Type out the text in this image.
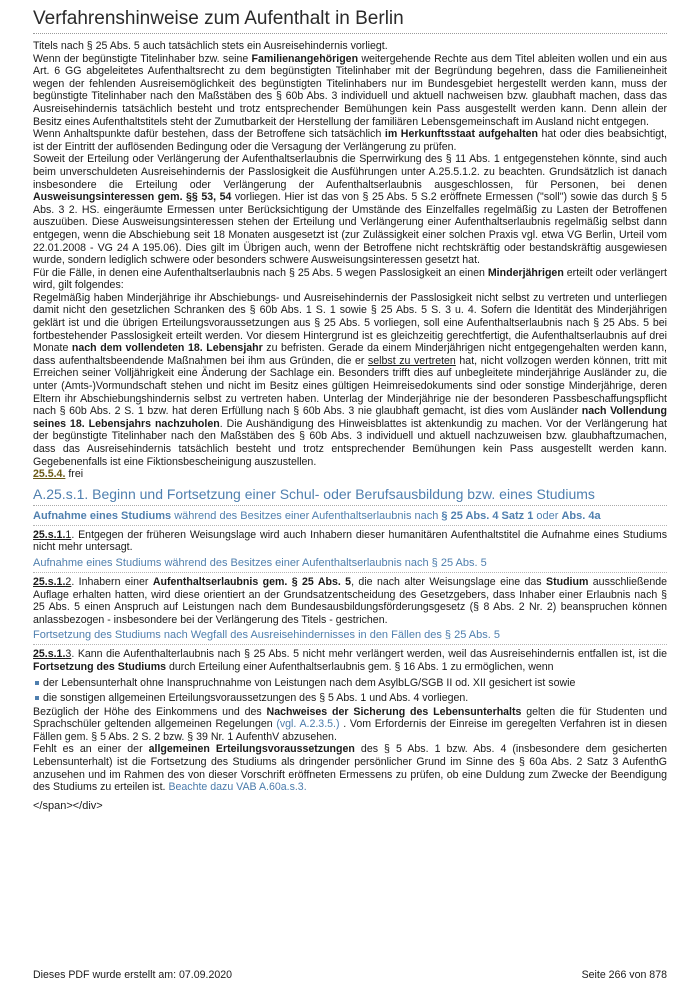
Verfahrenshinweise zum Aufenthalt in Berlin

Titels nach § 25 Abs. 5 auch tatsächlich stets ein Ausreisehindernis vorliegt.

Wenn der begünstigte Titelinhaber bzw. seine Familienangehörigen weitergehende Rechte aus dem Titel ableiten wollen und ein aus Art. 6 GG abgeleitetes Aufenthaltsrecht zu dem begünstigten Titelinhaber mit der Begründung begehren, dass die Familieneinheit wegen der fehlenden Ausreisemöglichkeit des begünstigten Titelinhabers nur im Bundesgebiet hergestellt werden kann, muss der begünstigte Titelinhaber nach den Maßstäben des § 60b Abs. 3 individuell und aktuell nachweisen bzw. glaubhaft machen, dass das Ausreisehindernis tatsächlich besteht und trotz entsprechender Bemühungen kein Pass ausgestellt werden kann. Denn allein der Besitz eines Aufenthaltstitels steht der Zumutbarkeit der Herstellung der familiären Lebensgemeinschaft im Ausland nicht entgegen.

Wenn Anhaltspunkte dafür bestehen, dass der Betroffene sich tatsächlich im Herkunftsstaat aufgehalten hat oder dies beabsichtigt, ist der Eintritt der auflösenden Bedingung oder die Versagung der Verlängerung zu prüfen.

Soweit der Erteilung oder Verlängerung der Aufenthaltserlaubnis die Sperrwirkung des § 11 Abs. 1 entgegenstehen könnte, sind auch beim unverschuldeten Ausreisehindernis der Passlosigkeit die Ausführungen unter A.25.5.1.2. zu beachten. Grundsätzlich ist danach insbesondere die Erteilung oder Verlängerung der Aufenthaltserlaubnis ausgeschlossen, für Personen, bei denen Ausweisungsinteressen gem. §§ 53, 54 vorliegen. Hier ist das von § 25 Abs. 5 S.2 eröffnete Ermessen ("soll") sowie das durch § 5 Abs. 3 2. HS. eingeräumte Ermessen unter Berücksichtigung der Umstände des Einzelfalles regelmäßig zu Lasten der Betroffenen auszuüben. Diese Ausweisungsinteressen stehen der Erteilung und Verlängerung einer Aufenthaltserlaubnis regelmäßig selbst dann entgegen, wenn die Abschiebung seit 18 Monaten ausgesetzt ist (zur Zulässigkeit einer solchen Praxis vgl. etwa VG Berlin, Urteil vom 22.01.2008 - VG 24 A 195.06). Dies gilt im Übrigen auch, wenn der Betroffene nicht rechtskräftig oder bestandskräftig ausgewiesen wurde, sondern lediglich schwere oder besonders schwere Ausweisungsinteressen gesetzt hat.

Für die Fälle, in denen eine Aufenthaltserlaubnis nach § 25 Abs. 5 wegen Passlosigkeit an einen Minderjährigen erteilt oder verlängert wird, gilt folgendes:

Regelmäßig haben Minderjährige ihr Abschiebungs- und Ausreisehindernis der Passlosigkeit nicht selbst zu vertreten und unterliegen damit nicht den gesetzlichen Schranken des § 60b Abs. 1 S. 1 sowie § 25 Abs. 5 S. 3 u. 4. Sofern die Identität des Minderjährigen geklärt ist und die übrigen Erteilungsvoraussetzungen aus § 25 Abs. 5 vorliegen, soll eine Aufenthaltserlaubnis nach § 25 Abs. 5 bei fortbestehender Passlosigkeit erteilt werden. Vor diesem Hintergrund ist es gleichzeitig gerechtfertigt, die Aufenthaltserlaubnis auf drei Monate nach dem vollendeten 18. Lebensjahr zu befristen. Gerade da einem Minderjährigen nicht entgegengehalten werden kann, dass aufenthaltsbeendende Maßnahmen bei ihm aus Gründen, die er selbst zu vertreten hat, nicht vollzogen werden können, tritt mit Erreichen seiner Volljährigkeit eine Änderung der Sachlage ein. Besonders trifft dies auf unbegleitete minderjährige Ausländer zu, die unter (Amts-)Vormundschaft stehen und nicht im Besitz eines gültigen Heimreisedokuments sind oder sonstige Minderjährige, deren Eltern ihr Abschiebungshindernis selbst zu vertreten haben. Unterlag der Minderjährige nie der besonderen Passbeschaffungspflicht nach § 60b Abs. 2 S. 1 bzw. hat deren Erfüllung nach § 60b Abs. 3 nie glaubhaft gemacht, ist dies vom Ausländer nach Vollendung seines 18. Lebensjahrs nachzuholen. Die Aushändigung des Hinweisblattes ist aktenkundig zu machen. Vor der Verlängerung hat der begünstigte Titelinhaber nach den Maßstäben des § 60b Abs. 3 individuell und aktuell nachzuweisen bzw. glaubhaftzumachen, dass das Ausreisehindernis tatsächlich besteht und trotz entsprechender Bemühungen kein Pass ausgestellt werden kann. Gegebenenfalls ist eine Fiktionsbescheinigung auszustellen.

25.5.4. frei

A.25.s.1. Beginn und Fortsetzung einer Schul- oder Berufsausbildung bzw. eines Studiums
Aufnahme eines Studiums während des Besitzes einer Aufenthaltserlaubnis nach § 25 Abs. 4 Satz 1 oder Abs. 4a

25.s.1.1. Entgegen der früheren Weisungslage wird auch Inhabern dieser humanitären Aufenthaltstitel die Aufnahme eines Studiums nicht mehr untersagt.

Aufnahme eines Studiums während des Besitzes einer Aufenthaltserlaubnis nach § 25 Abs. 5

25.s.1.2. Inhabern einer Aufenthaltserlaubnis gem. § 25 Abs. 5, die nach alter Weisungslage eine das Studium ausschließende Auflage erhalten hatten, wird diese orientiert an der Grundsatzentscheidung des Gesetzgebers, dass Inhaber einer Erlaubnis nach § 25 Abs. 5 einen Anspruch auf Leistungen nach dem Bundesausbildungsförderungsgesetz (§ 8 Abs. 2 Nr. 2) beanspruchen können anlassbezogen - insbesondere bei der Verlängerung des Titels - gestrichen.

Fortsetzung des Studiums nach Wegfall des Ausreisehindernisses in den Fällen des § 25 Abs. 5

25.s.1.3. Kann die Aufenthalterlaubnis nach § 25 Abs. 5 nicht mehr verlängert werden, weil das Ausreisehindernis entfallen ist, ist die Fortsetzung des Studiums durch Erteilung einer Aufenthaltserlaubnis gem. § 16 Abs. 1 zu ermöglichen, wenn

der Lebensunterhalt ohne Inanspruchnahme von Leistungen nach dem AsylbLG/SGB II od. XII gesichert ist sowie
die sonstigen allgemeinen Erteilungsvoraussetzungen des § 5 Abs. 1 und Abs. 4 vorliegen.

Bezüglich der Höhe des Einkommens und des Nachweises der Sicherung des Lebensunterhalts gelten die für Studenten und Sprachschüler geltenden allgemeinen Regelungen (vgl. A.2.3.5.) . Vom Erfordernis der Einreise im geregelten Verfahren ist in diesen Fällen gem. § 5 Abs. 2 S. 2 bzw. § 39 Nr. 1 AufenthV abzusehen.

Fehlt es an einer der allgemeinen Erteilungsvoraussetzungen des § 5 Abs. 1 bzw. Abs. 4 (insbesondere dem gesicherten Lebensunterhalt) ist die Fortsetzung des Studiums als dringender persönlicher Grund im Sinne des § 60a Abs. 2 Satz 3 AufenthG anzusehen und im Rahmen des von dieser Vorschrift eröffneten Ermessens zu prüfen, ob eine Duldung zum Zwecke der Beendigung des Studiums zu erteilen ist. Beachte dazu VAB A.60a.s.3.

</span></div>
Dieses PDF wurde erstellt am: 07.09.2020	Seite 266 von 878
